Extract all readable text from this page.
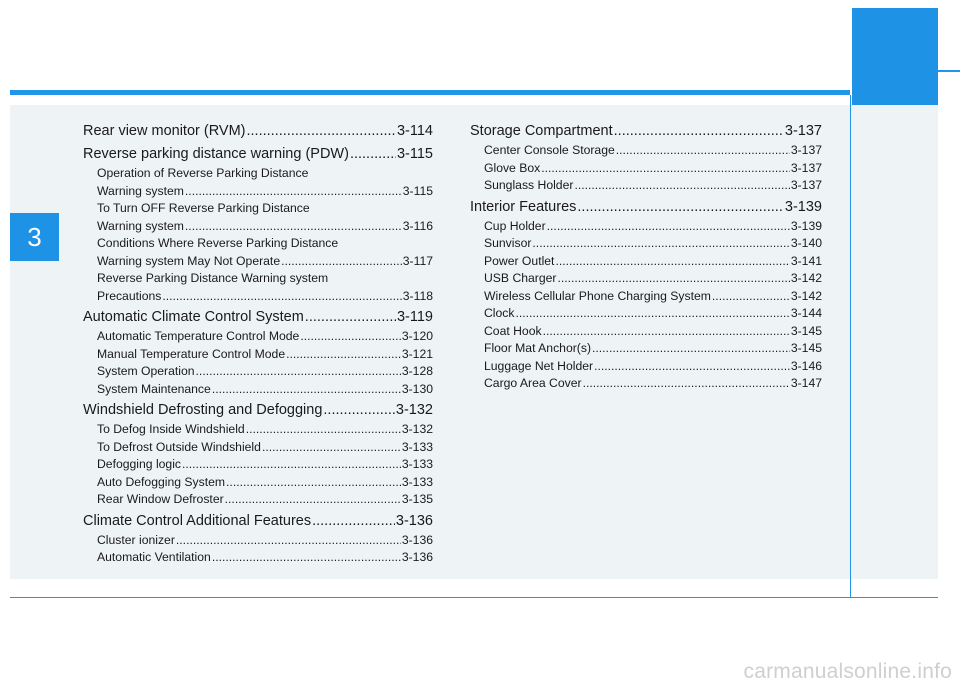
3
Rear view monitor (RVM) .....	3-114
Reverse parking distance warning (PDW) .....	3-115
Operation of Reverse Parking Distance
Warning system .....	3-115
To Turn OFF Reverse Parking Distance
Warning system .....	3-116
Conditions Where Reverse Parking Distance
Warning system May Not Operate .....	3-117
Reverse Parking Distance Warning system
Precautions .....	3-118
Automatic Climate Control System .....	3-119
Automatic Temperature Control Mode .....	3-120
Manual Temperature Control Mode .....	3-121
System Operation .....	3-128
System Maintenance .....	3-130
Windshield Defrosting and Defogging .....	3-132
To Defog Inside Windshield .....	3-132
To Defrost Outside Windshield .....	3-133
Defogging logic .....	3-133
Auto Defogging System .....	3-133
Rear Window Defroster .....	3-135
Climate Control Additional Features .....	3-136
Cluster ionizer .....	3-136
Automatic Ventilation .....	3-136
Storage Compartment .....	3-137
Center Console Storage .....	3-137
Glove Box .....	3-137
Sunglass Holder .....	3-137
Interior Features .....	3-139
Cup Holder .....	3-139
Sunvisor .....	3-140
Power Outlet .....	3-141
USB Charger .....	3-142
Wireless Cellular Phone Charging System .....	3-142
Clock .....	3-144
Coat Hook .....	3-145
Floor Mat Anchor(s) .....	3-145
Luggage Net Holder .....	3-146
Cargo Area Cover .....	3-147
carmanualsonline.info
